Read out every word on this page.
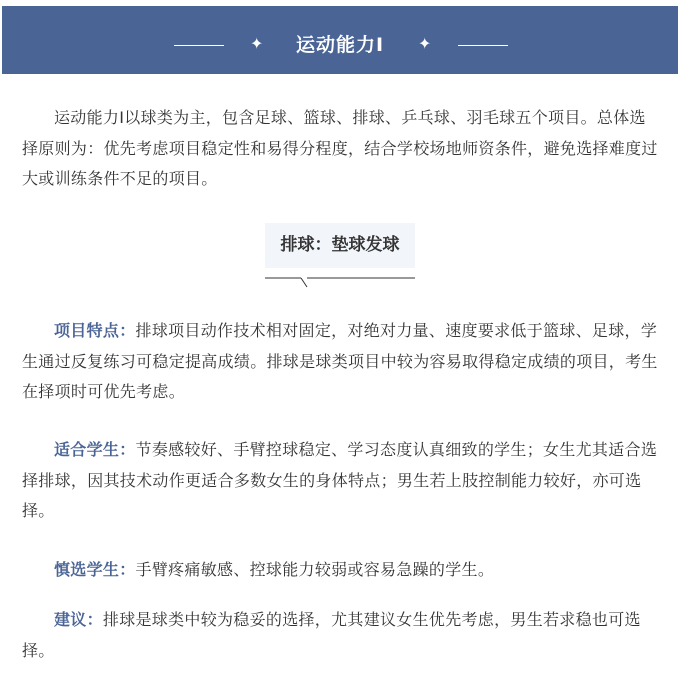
✦	运动能力Ⅰ	✦

运动能力Ⅰ以球类为主，包含足球、篮球、排球、乒乓球、羽毛球五个项目。总体选择原则为：优先考虑项目稳定性和易得分程度，结合学校场地师资条件，避免选择难度过大或训练条件不足的项目。

排球：垫球发球

项目特点：排球项目动作技术相对固定，对绝对力量、速度要求低于篮球、足球，学生通过反复练习可稳定提高成绩。排球是球类项目中较为容易取得稳定成绩的项目，考生在择项时可优先考虑。

适合学生：节奏感较好、手臂控球稳定、学习态度认真细致的学生；女生尤其适合选择排球，因其技术动作更适合多数女生的身体特点；男生若上肢控制能力较好，亦可选择。

慎选学生：手臂疼痛敏感、控球能力较弱或容易急躁的学生。

建议：排球是球类中较为稳妥的选择，尤其建议女生优先考虑，男生若求稳也可选择。
